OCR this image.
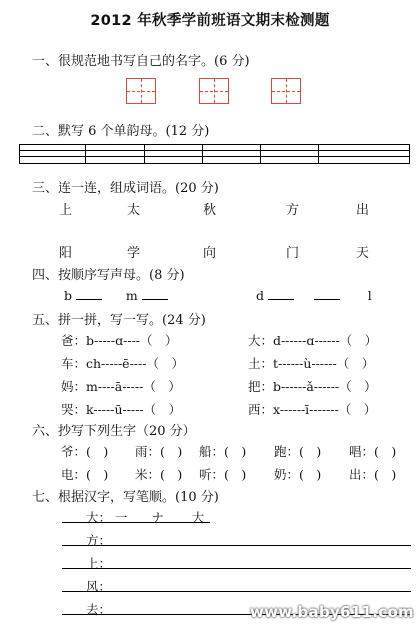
2012 年秋季学前班语文期末检测题
一、很规范地书写自己的名字。(6 分)
二、默写 6 个单韵母。(12 分)
三、连一连，组成词语。(20 分)
上	太	秋	方	出
阳	学	向	门	天
四、按顺序写声母。(8 分)
b	m	d	l
五、拼一拼，写一写。(24 分)
爸：b-----ɑ----（　）
车：ch-----ē----（　）
妈：m----ā-----（　）
哭：k-----ū-----（　）
大：d------ɑ------（　）
土：t------ù------（　）
把：b------ǎ------（　）
西：x------ī-------（　）
六、抄写下列生字（20 分）
爷：(　) 雨：(　) 船：(　) 跑：(　) 唱：(　)
电：(　) 米：(　) 听：(　) 奶：(　) 出：(　)
七、根据汉字，写笔顺。(10 分)
大： 一 ナ 大
方：
上：
风：
去：	www.baby611.com
